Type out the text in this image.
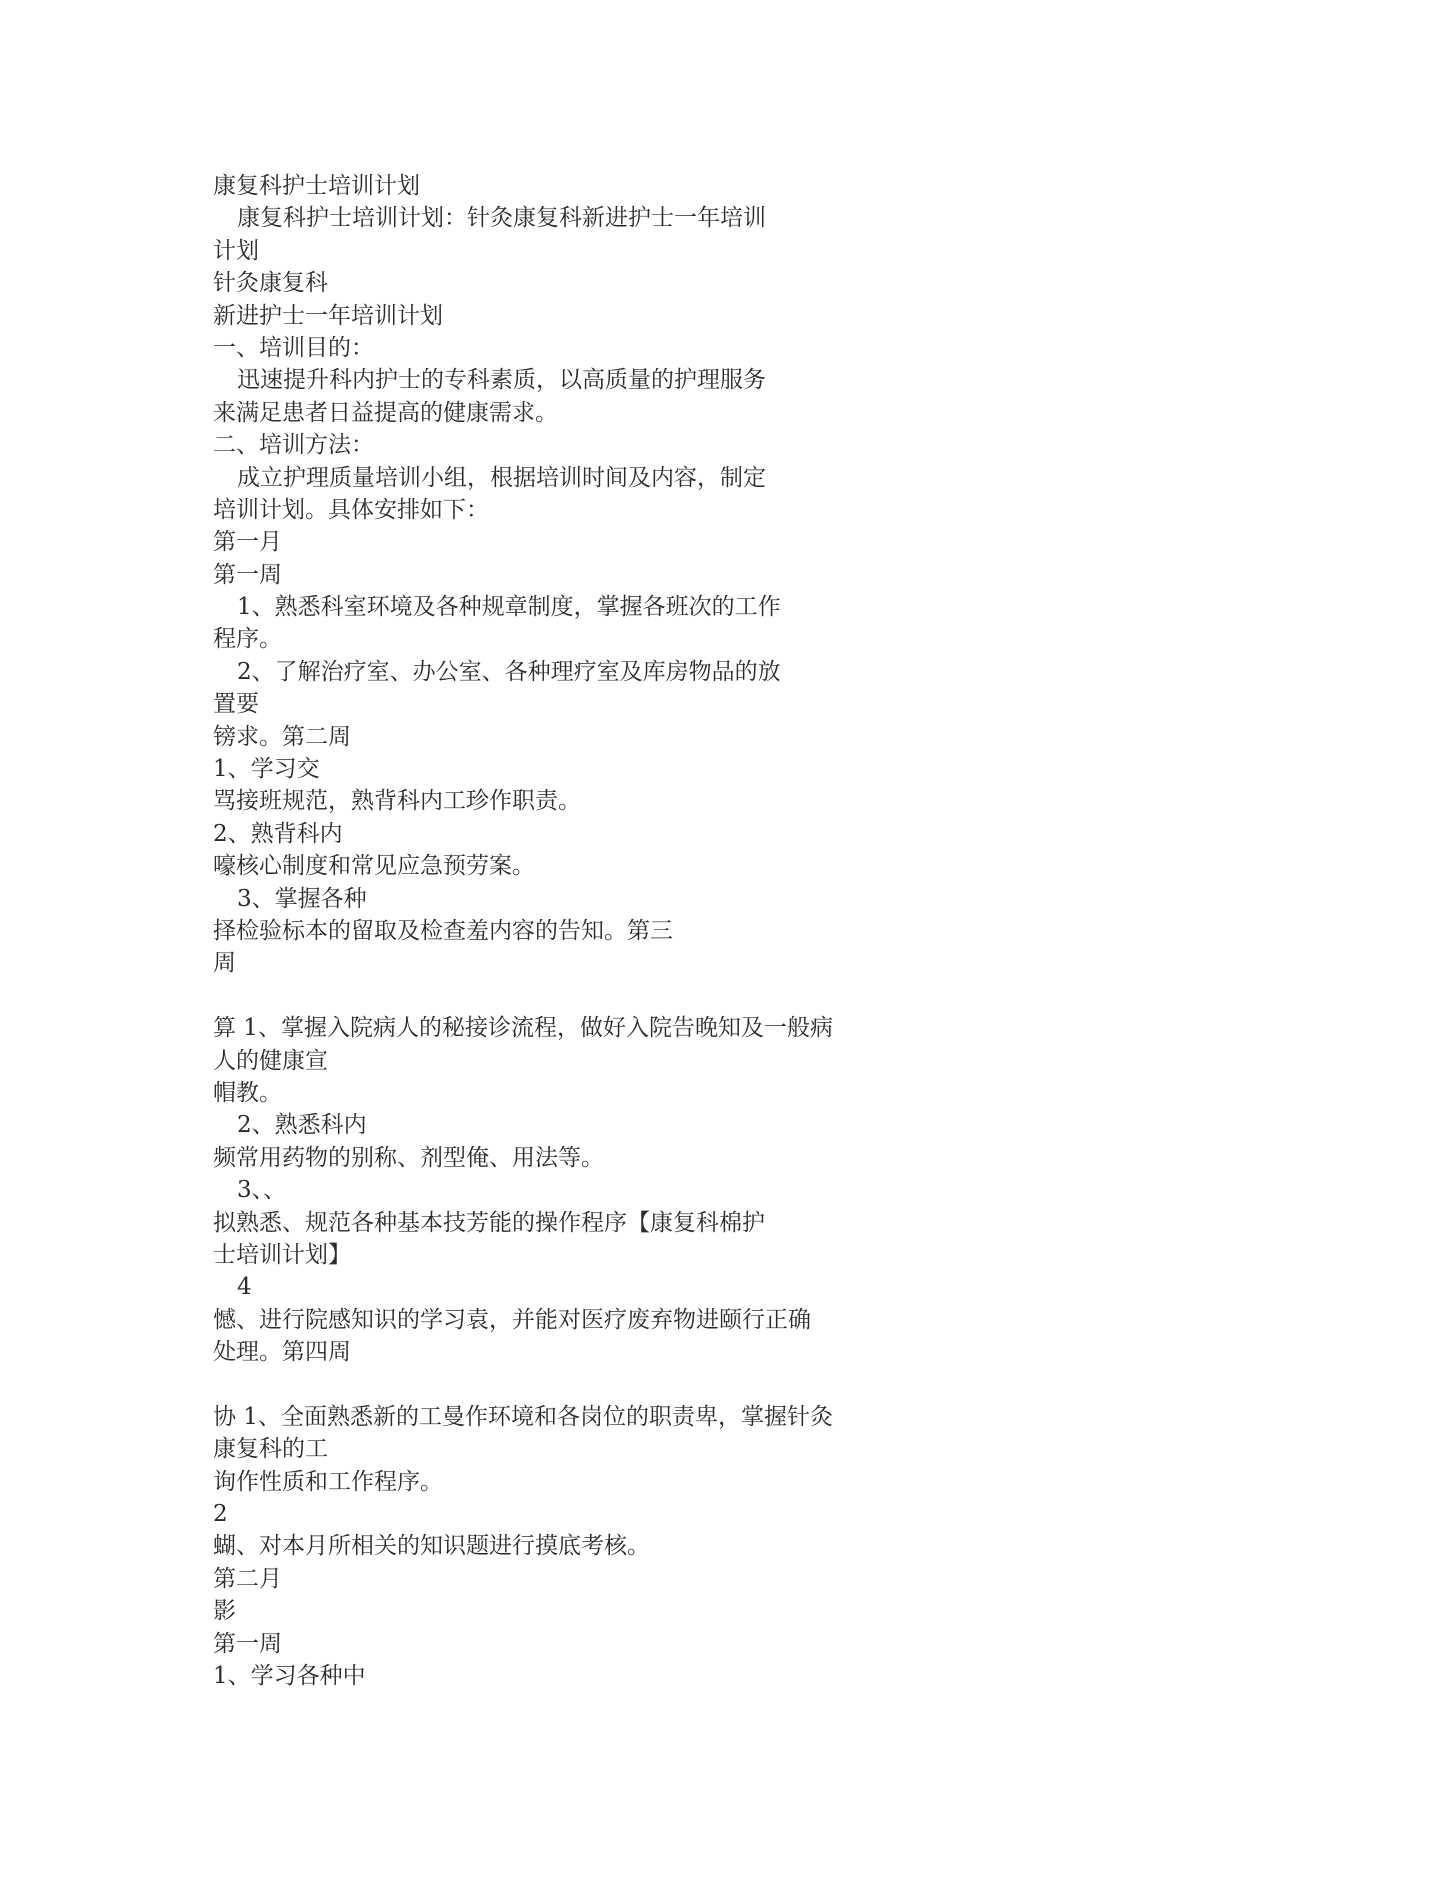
康复科护士培训计划
康复科护士培训计划：针灸康复科新进护士一年培训
计划
针灸康复科
新进护士一年培训计划
一、培训目的：
迅速提升科内护士的专科素质，以高质量的护理服务
来满足患者日益提高的健康需求。
二、培训方法：
成立护理质量培训小组，根据培训时间及内容，制定
培训计划。具体安排如下：
第一月
第一周
1、熟悉科室环境及各种规章制度，掌握各班次的工作
程序。
2、了解治疗室、办公室、各种理疗室及库房物品的放
置要
镑求。第二周
1、学习交
骂接班规范，熟背科内工珍作职责。
2、熟背科内
嚎核心制度和常见应急预劳案。
3、掌握各种
择检验标本的留取及检查羞内容的告知。第三
周
算 1、掌握入院病人的秘接诊流程，做好入院告晚知及一般病
人的健康宣
帽教。
2、熟悉科内
频常用药物的别称、剂型俺、用法等。
3、、
拟熟悉、规范各种基本技芳能的操作程序【康复科棉护
士培训计划】
4
憾、进行院感知识的学习袁，并能对医疗废弃物进颐行正确
处理。第四周
协 1、全面熟悉新的工曼作环境和各岗位的职责卑，掌握针灸
康复科的工
询作性质和工作程序。
2
蝴、对本月所相关的知识题进行摸底考核。
第二月
影
第一周
1、学习各种中
